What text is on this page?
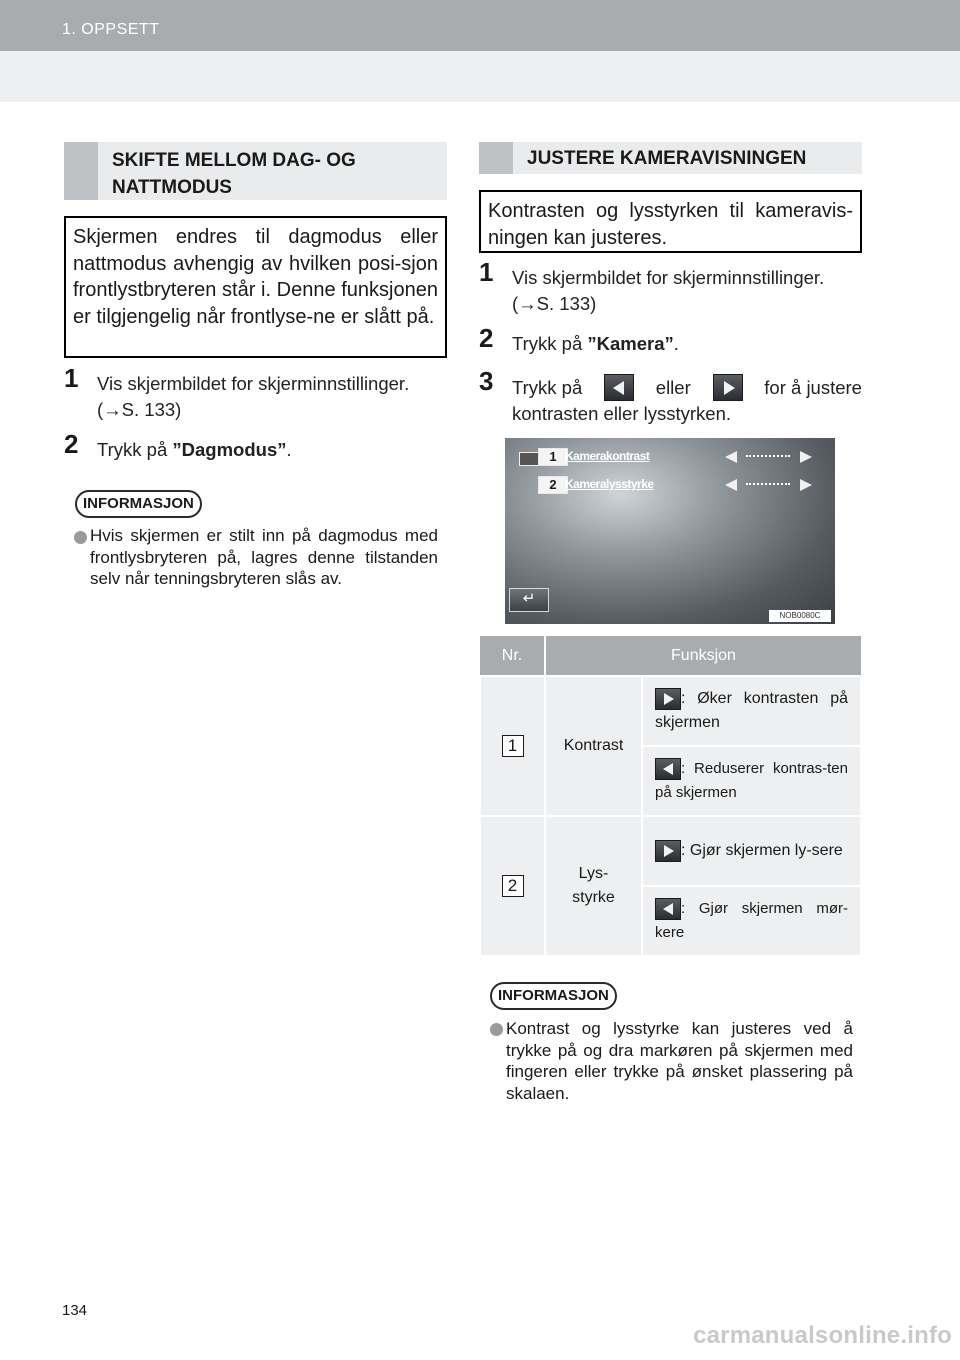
1. OPPSETT
SKIFTE MELLOM DAG- OG NATTMODUS
Skjermen endres til dagmodus eller nattmodus avhengig av hvilken posi-sjon frontlystbryteren står i. Denne funksjonen er tilgjengelig når frontlyse-ne er slått på.
1 Vis skjermbildet for skjerminnstillinger.
(→S. 133)
2 Trykk på ”Dagmodus”.
INFORMASJON
Hvis skjermen er stilt inn på dagmodus med frontlysbryteren på, lagres denne tilstanden selv når tenningsbryteren slås av.
JUSTERE KAMERAVISNINGEN
Kontrasten og lysstyrken til kameravis-ningen kan justeres.
1 Vis skjermbildet for skjerminnstillinger.
(→S. 133)
2 Trykk på ”Kamera”.
3 Trykk på	eller	for å justere
kontrasten eller lysstyrken.
1 Kamerakontrast
2 Kameralysstyrke
↵
NOB0080C
Nr.	Funksjon	
1	Kontrast	: Øker kontrasten på skjermen

: Reduserer kontras-ten på skjermen
2	Lys-styrke	: Gjør skjermen ly-sere

: Gjør skjermen mør-kere
INFORMASJON
Kontrast og lysstyrke kan justeres ved å trykke på og dra markøren på skjermen med fingeren eller trykke på ønsket plassering på skalaen.
134
carmanualsonline.info
